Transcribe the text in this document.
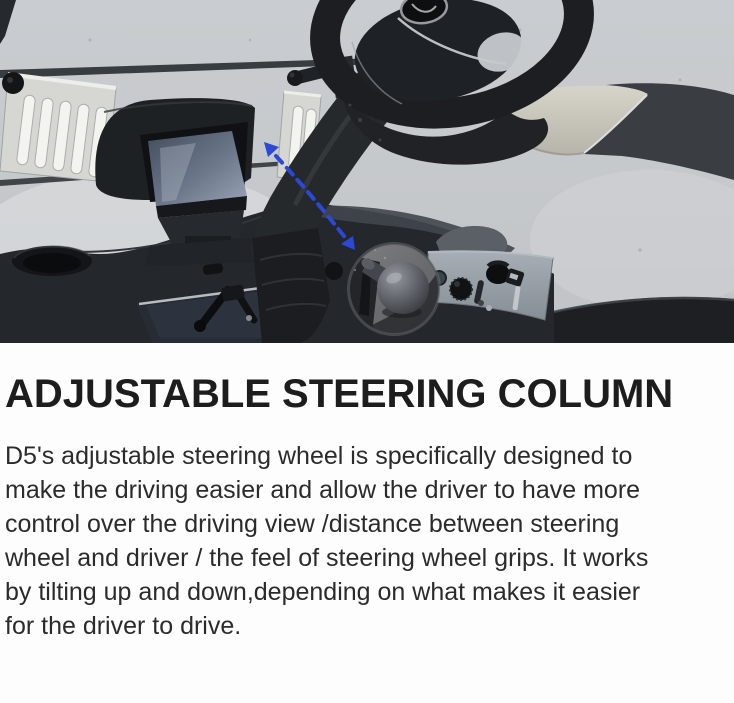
ADJUSTABLE STEERING COLUMN

D5's adjustable steering wheel is specifically designed to make the driving easier and allow the driver to have more control over the driving view /distance between steering wheel and driver / the feel of steering wheel grips. It works by tilting up and down,depending on what makes it easier for the driver to drive.
